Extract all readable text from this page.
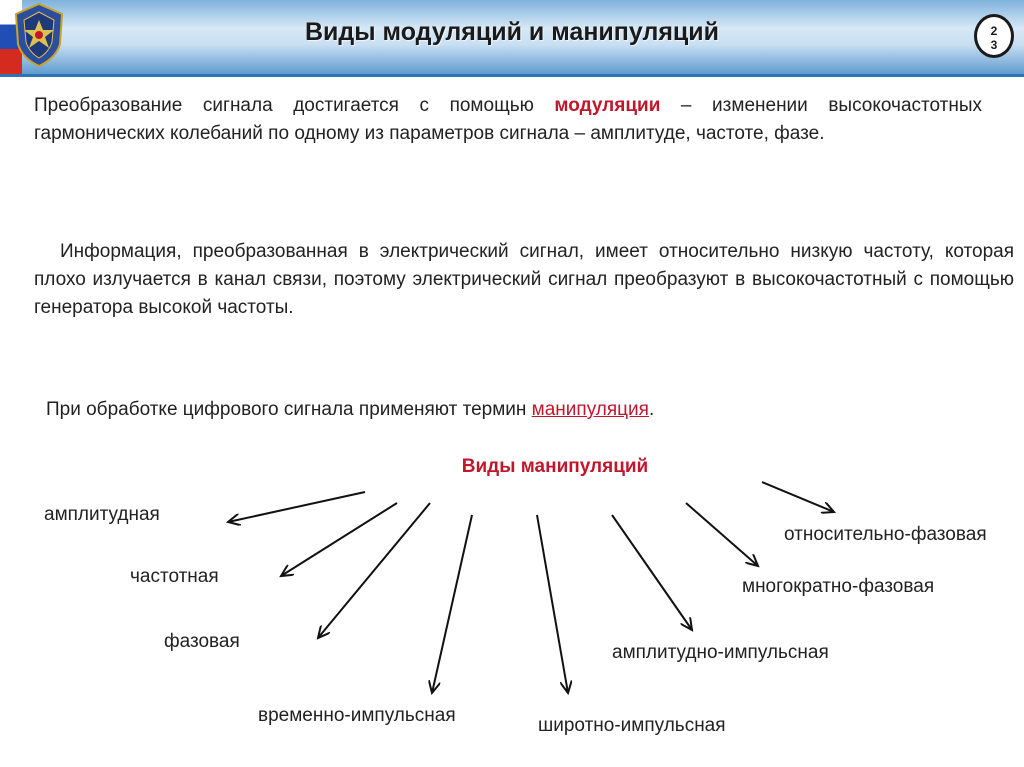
Виды модуляций и манипуляций	2
3
Преобразование сигнала достигается с помощью модуляции – изменении высокочастотных гармонических колебаний по одному из параметров сигнала – амплитуде, частоте, фазе.
Информация, преобразованная в электрический сигнал, имеет относительно низкую частоту, которая плохо излучается в канал связи, поэтому электрический сигнал преобразуют в высокочастотный с помощью генератора высокой частоты.
При обработке цифрового сигнала применяют термин манипуляция.
Виды манипуляций
амплитудная
частотная
фазовая
временно-импульсная	широтно-импульсная
амплитудно-импульсная
многократно-фазовая
относительно-фазовая
